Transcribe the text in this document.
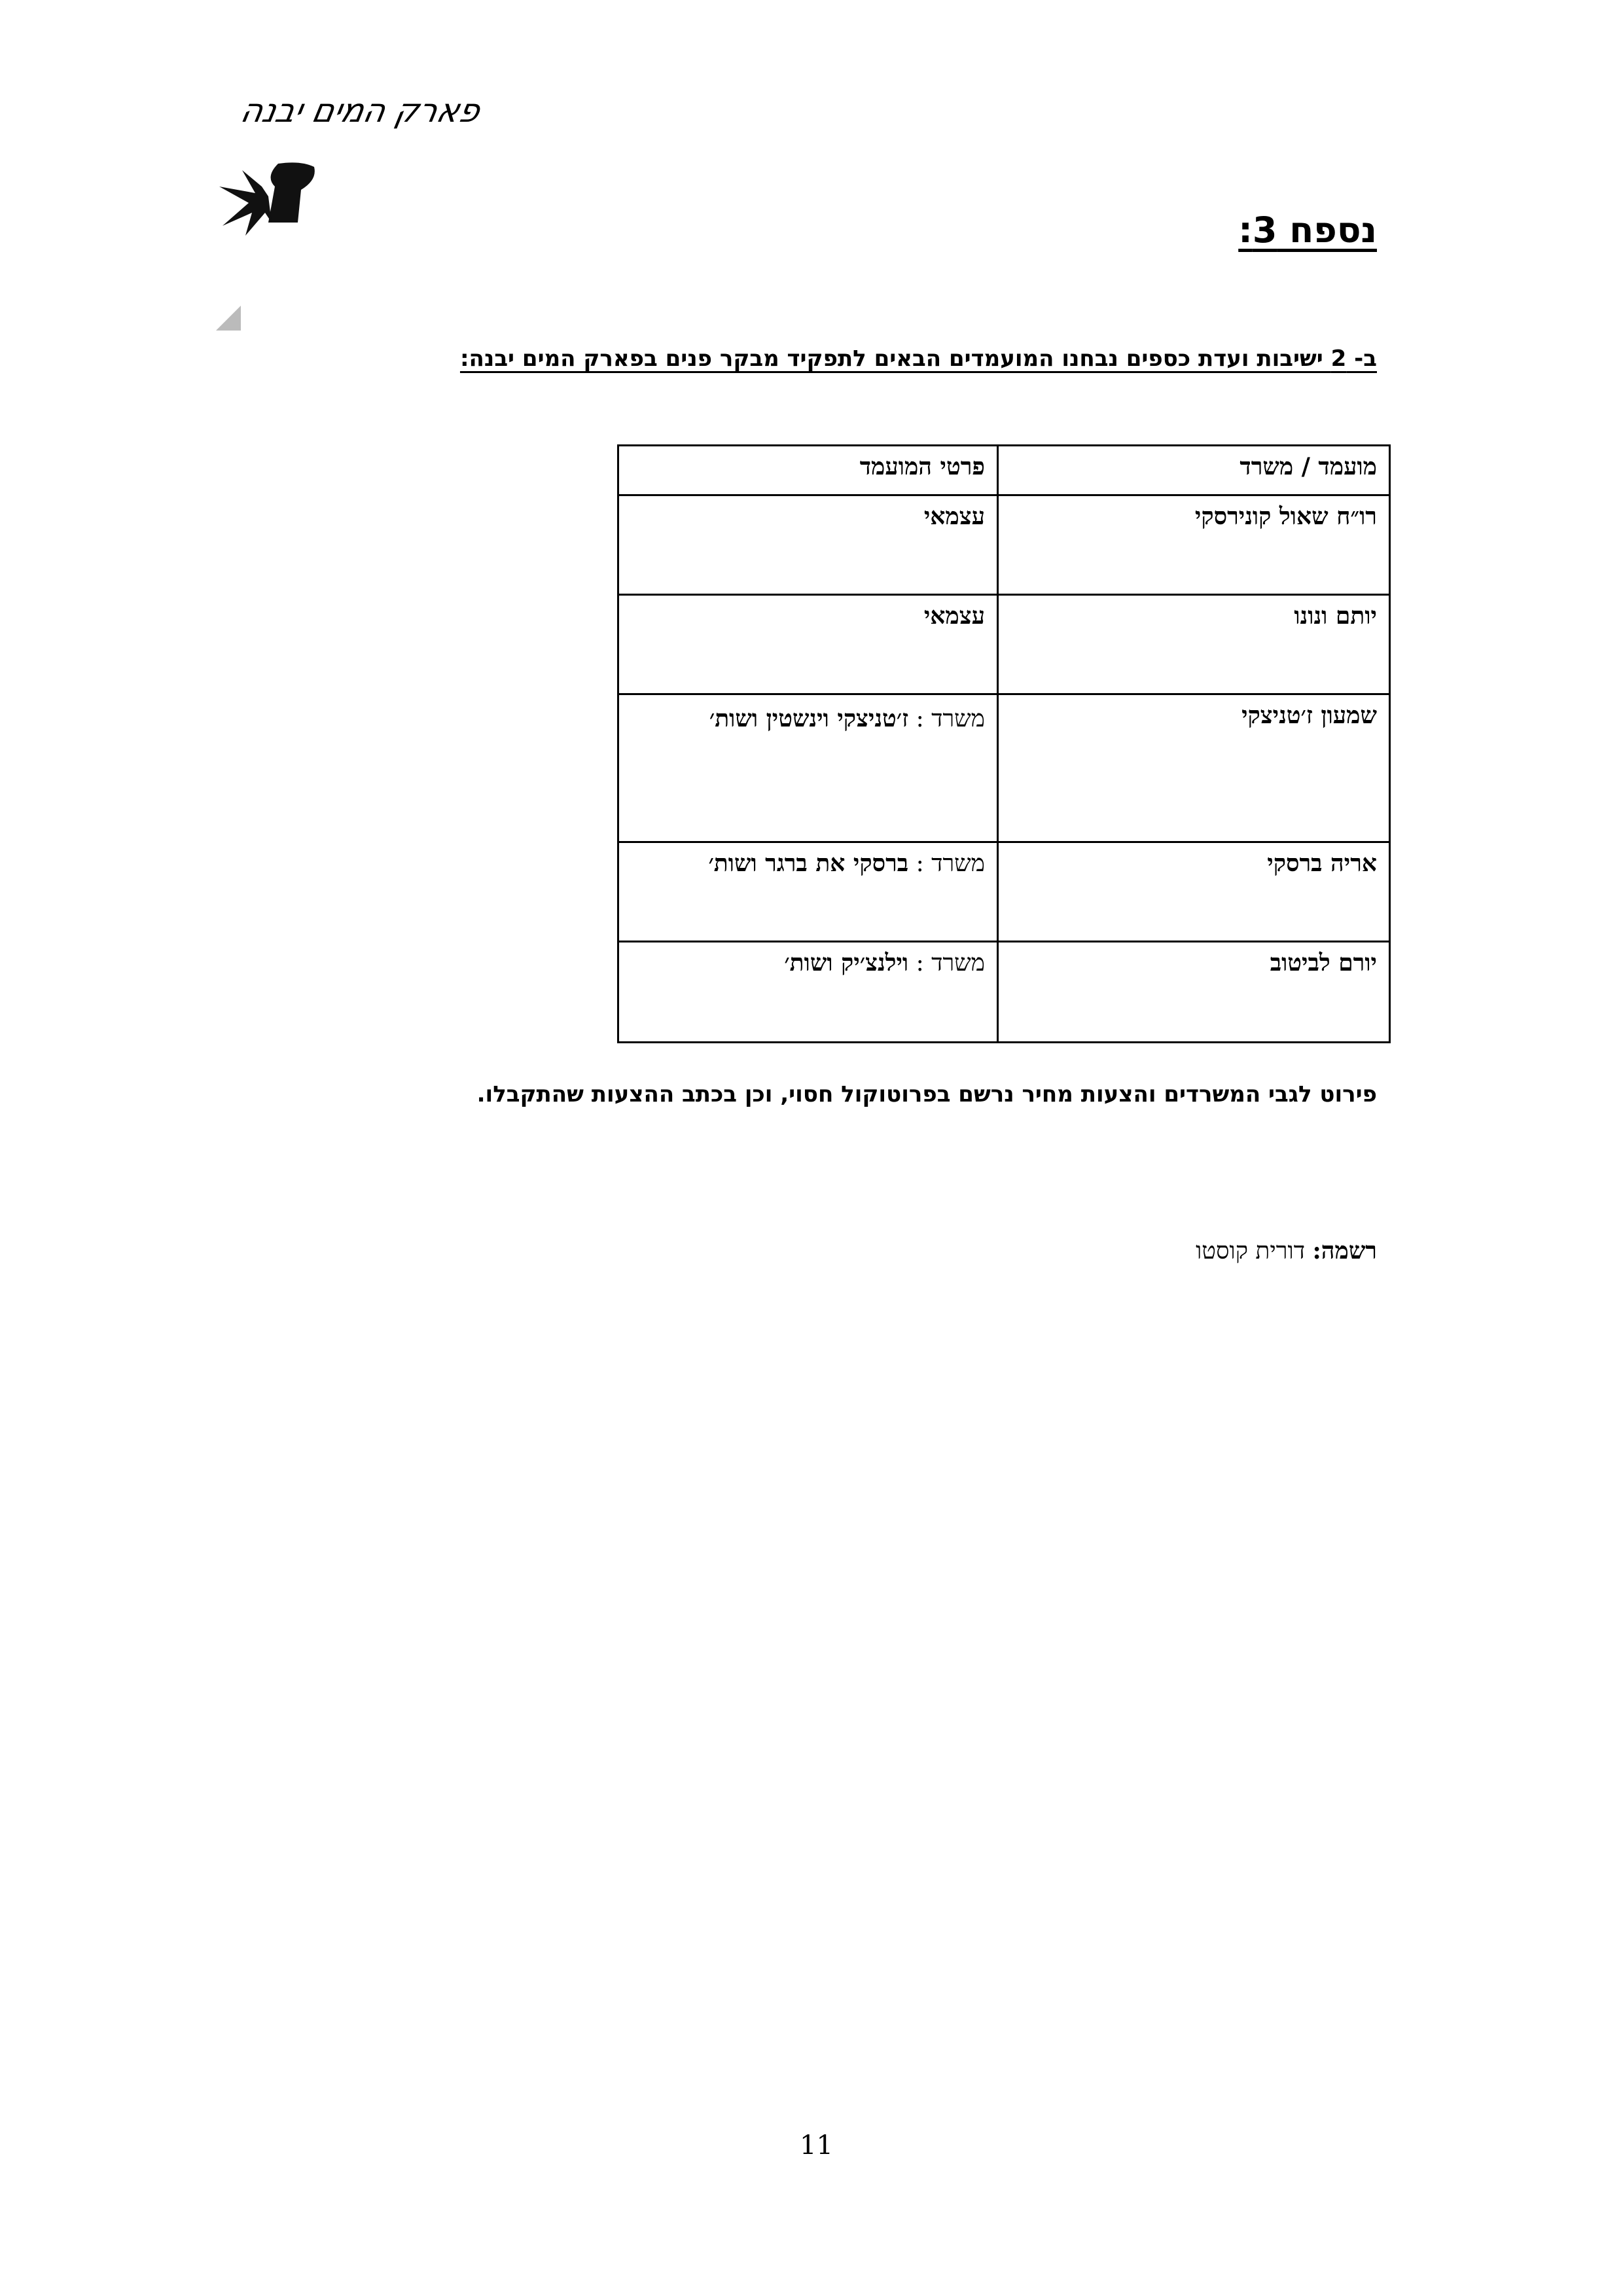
פארק המים יבנה
נספח 3:
ב- 2 ישיבות ועדת כספים נבחנו המועמדים הבאים לתפקיד מבקר פנים בפארק המים יבנה:
מועמד / משרד	פרטי המועמד
רו״ח שאול קונירסקי	עצמאי
יותם ונונו	עצמאי
שמעון ז׳טניצקי	משרד : ז׳טניצקי וינשטין ושות׳
אריה ברסקי	משרד : ברסקי את ברגר ושות׳
יורם לביטוב	משרד : וילנצ׳יק ושות׳
פירוט לגבי המשרדים והצעות מחיר נרשם בפרוטוקול חסוי, וכן בכתב ההצעות שהתקבלו.
רשמה: דורית קוסטו
11
